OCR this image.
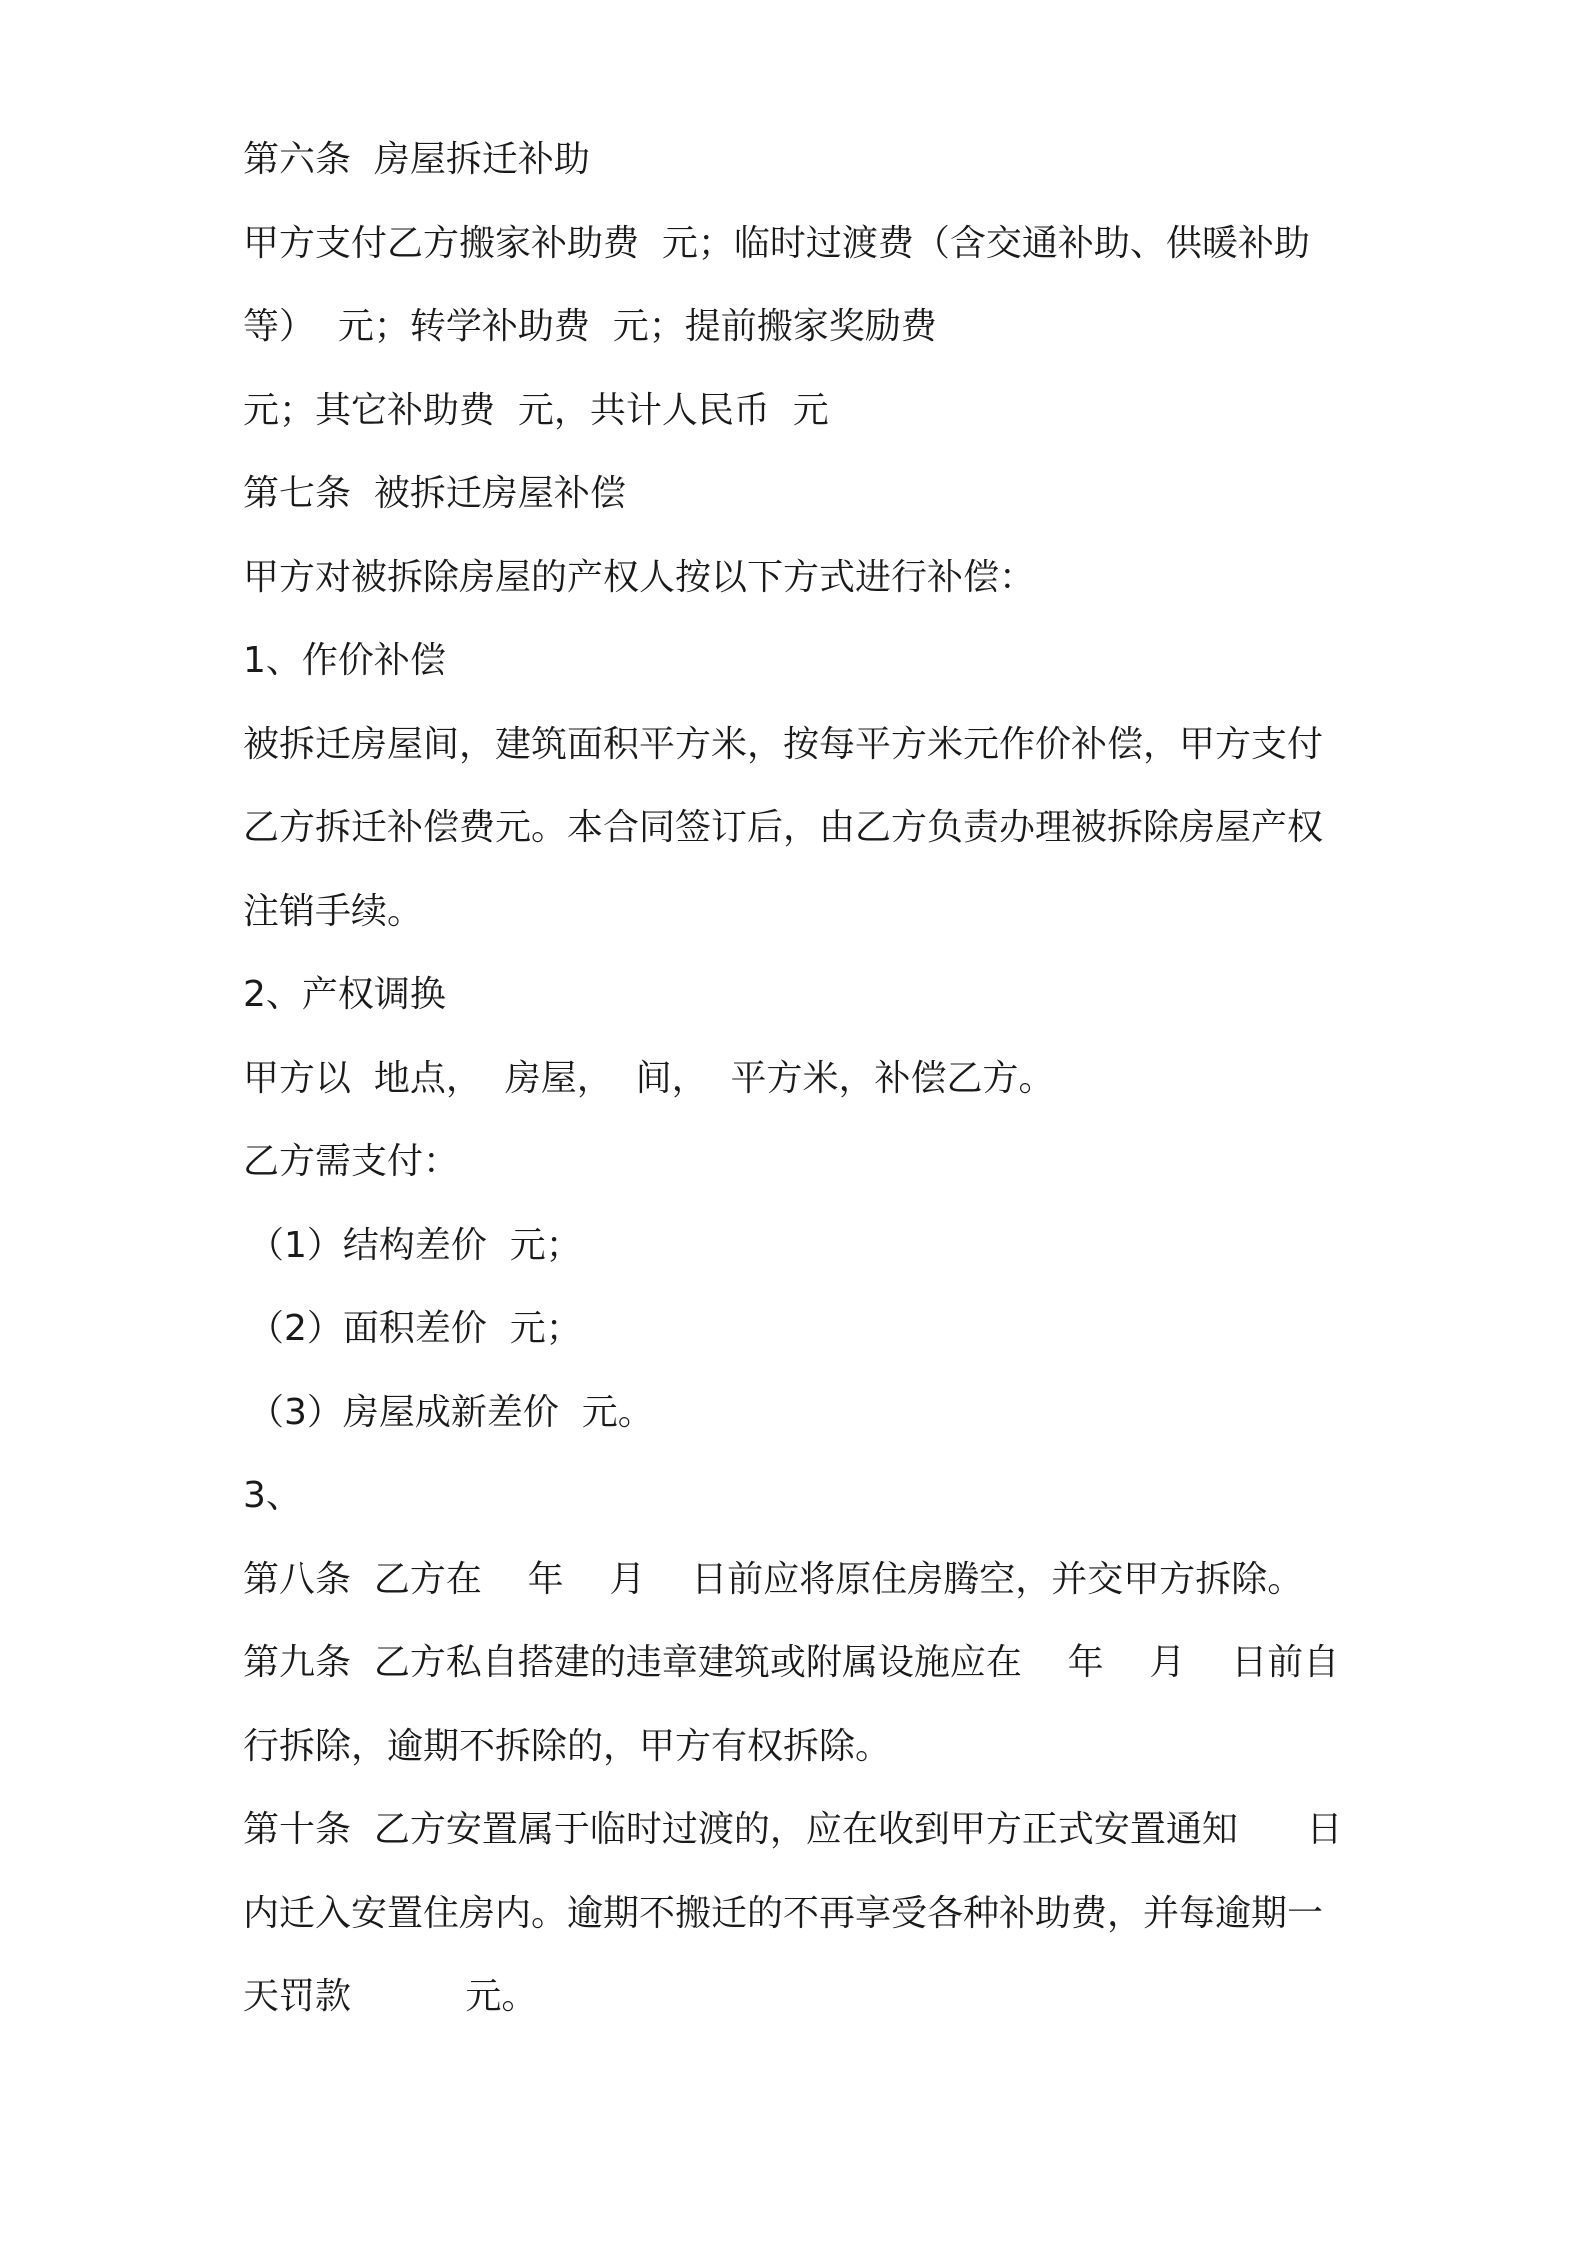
第六条  房屋拆迁补助

甲方支付乙方搬家补助费  元；临时过渡费（含交通补助、供暖补助

等）  元；转学补助费  元；提前搬家奖励费

元；其它补助费  元，共计人民币  元

第七条  被拆迁房屋补偿

甲方对被拆除房屋的产权人按以下方式进行补偿：

1、作价补偿

被拆迁房屋间，建筑面积平方米，按每平方米元作价补偿，甲方支付

乙方拆迁补偿费元。本合同签订后，由乙方负责办理被拆除房屋产权

注销手续。

2、产权调换

甲方以  地点，  房屋，  间，  平方米，补偿乙方。

乙方需支付：

（1）结构差价  元；

（2）面积差价  元；

（3）房屋成新差价  元。

3、

第八条  乙方在    年    月    日前应将原住房腾空，并交甲方拆除。

第九条  乙方私自搭建的违章建筑或附属设施应在    年    月    日前自

行拆除，逾期不拆除的，甲方有权拆除。

第十条  乙方安置属于临时过渡的，应在收到甲方正式安置通知      日

内迁入安置住房内。逾期不搬迁的不再享受各种补助费，并每逾期一

天罚款          元。
